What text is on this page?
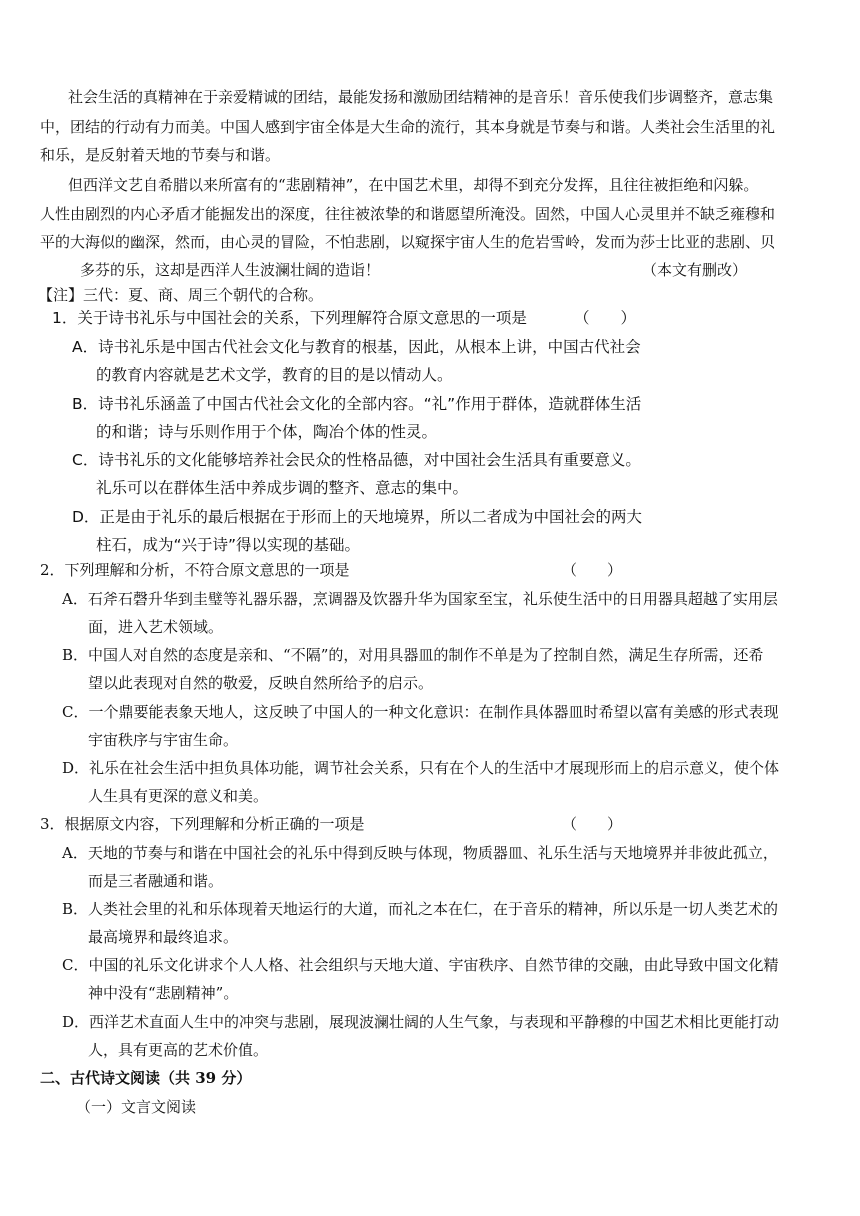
社会生活的真精神在于亲爱精诚的团结，最能发扬和激励团结精神的是音乐！音乐使我们步调整齐，意志集
中，团结的行动有力而美。中国人感到宇宙全体是大生命的流行，其本身就是节奏与和谐。人类社会生活里的礼
和乐，是反射着天地的节奏与和谐。
但西洋文艺自希腊以来所富有的“悲剧精神”，在中国艺术里，却得不到充分发挥，且往往被拒绝和闪躲。
人性由剧烈的内心矛盾才能掘发出的深度，往往被浓挚的和谐愿望所淹没。固然，中国人心灵里并不缺乏雍穆和
平的大海似的幽深，然而，由心灵的冒险，不怕悲剧，以窥探宇宙人生的危岩雪岭，发而为莎士比亚的悲剧、贝
多芬的乐，这却是西洋人生波澜壮阔的造诣！	（本文有删改）
【注】三代：夏、商、周三个朝代的合称。
1．关于诗书礼乐与中国社会的关系，下列理解符合原文意思的一项是	（　　）
A．诗书礼乐是中国古代社会文化与教育的根基，因此，从根本上讲，中国古代社会
的教育内容就是艺术文学，教育的目的是以情动人。
B．诗书礼乐涵盖了中国古代社会文化的全部内容。“礼”作用于群体，造就群体生活
的和谐；诗与乐则作用于个体，陶冶个体的性灵。
C．诗书礼乐的文化能够培养社会民众的性格品德，对中国社会生活具有重要意义。
礼乐可以在群体生活中养成步调的整齐、意志的集中。
D．正是由于礼乐的最后根据在于形而上的天地境界，所以二者成为中国社会的两大
柱石，成为“兴于诗”得以实现的基础。
2．下列理解和分析，不符合原文意思的一项是	（　　）
A．石斧石磬升华到圭璧等礼器乐器，烹调器及饮器升华为国家至宝，礼乐使生活中的日用器具超越了实用层
面，进入艺术领域。
B．中国人对自然的态度是亲和、“不隔”的，对用具器皿的制作不单是为了控制自然，满足生存所需，还希
望以此表现对自然的敬爱，反映自然所给予的启示。
C．一个鼎要能表象天地人，这反映了中国人的一种文化意识：在制作具体器皿时希望以富有美感的形式表现
宇宙秩序与宇宙生命。
D．礼乐在社会生活中担负具体功能，调节社会关系，只有在个人的生活中才展现形而上的启示意义，使个体
人生具有更深的意义和美。
3．根据原文内容，下列理解和分析正确的一项是	（　　）
A．天地的节奏与和谐在中国社会的礼乐中得到反映与体现，物质器皿、礼乐生活与天地境界并非彼此孤立，
而是三者融通和谐。
B．人类社会里的礼和乐体现着天地运行的大道，而礼之本在仁，在于音乐的精神，所以乐是一切人类艺术的
最高境界和最终追求。
C．中国的礼乐文化讲求个人人格、社会组织与天地大道、宇宙秩序、自然节律的交融，由此导致中国文化精
神中没有“悲剧精神”。
D．西洋艺术直面人生中的冲突与悲剧，展现波澜壮阔的人生气象，与表现和平静穆的中国艺术相比更能打动
人，具有更高的艺术价值。
二、古代诗文阅读（共 39 分）
（一）文言文阅读
